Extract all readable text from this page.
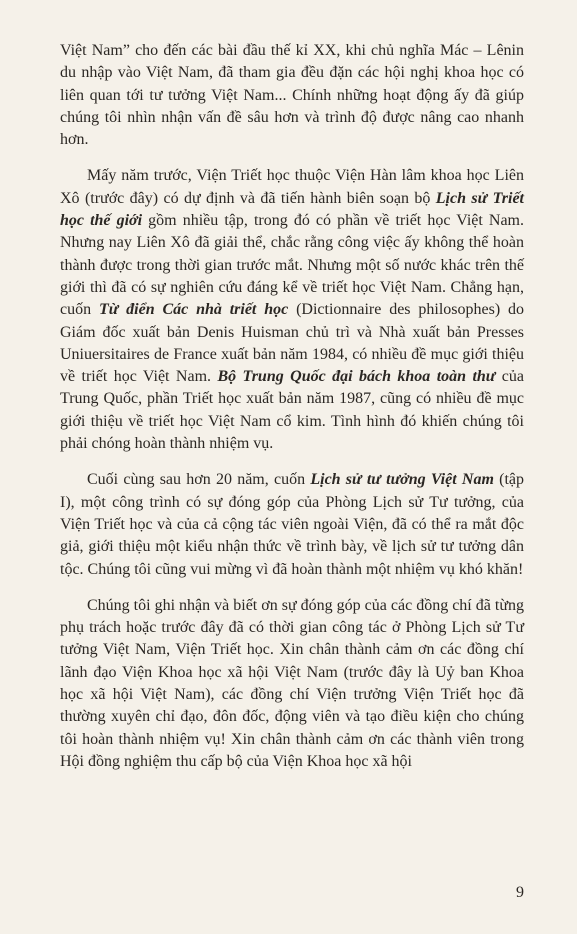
Việt Nam” cho đến các bài đầu thế kỉ XX, khi chủ nghĩa Mác – Lênin du nhập vào Việt Nam, đã tham gia đều đặn các hội nghị khoa học có liên quan tới tư tưởng Việt Nam... Chính những hoạt động ấy đã giúp chúng tôi nhìn nhận vấn đề sâu hơn và trình độ được nâng cao nhanh hơn.

Mấy năm trước, Viện Triết học thuộc Viện Hàn lâm khoa học Liên Xô (trước đây) có dự định và đã tiến hành biên soạn bộ Lịch sử Triết học thế giới gồm nhiều tập, trong đó có phần về triết học Việt Nam. Nhưng nay Liên Xô đã giải thể, chắc rằng công việc ấy không thể hoàn thành được trong thời gian trước mắt. Nhưng một số nước khác trên thế giới thì đã có sự nghiên cứu đáng kể về triết học Việt Nam. Chẳng hạn, cuốn Từ điển Các nhà triết học (Dictionnaire des philosophes) do Giám đốc xuất bản Denis Huisman chủ trì và Nhà xuất bản Presses Uniuersitaires de France xuất bản năm 1984, có nhiều đề mục giới thiệu về triết học Việt Nam. Bộ Trung Quốc đại bách khoa toàn thư của Trung Quốc, phần Triết học xuất bản năm 1987, cũng có nhiều đề mục giới thiệu về triết học Việt Nam cổ kim. Tình hình đó khiến chúng tôi phải chóng hoàn thành nhiệm vụ.

Cuối cùng sau hơn 20 năm, cuốn Lịch sử tư tưởng Việt Nam (tập I), một công trình có sự đóng góp của Phòng Lịch sử Tư tưởng, của Viện Triết học và của cả cộng tác viên ngoài Viện, đã có thể ra mắt độc giả, giới thiệu một kiểu nhận thức về trình bày, về lịch sử tư tưởng dân tộc. Chúng tôi cũng vui mừng vì đã hoàn thành một nhiệm vụ khó khăn!

Chúng tôi ghi nhận và biết ơn sự đóng góp của các đồng chí đã từng phụ trách hoặc trước đây đã có thời gian công tác ở Phòng Lịch sử Tư tưởng Việt Nam, Viện Triết học. Xin chân thành cảm ơn các đồng chí lãnh đạo Viện Khoa học xã hội Việt Nam (trước đây là Uỷ ban Khoa học xã hội Việt Nam), các đồng chí Viện trưởng Viện Triết học đã thường xuyên chỉ đạo, đôn đốc, động viên và tạo điều kiện cho chúng tôi hoàn thành nhiệm vụ! Xin chân thành cảm ơn các thành viên trong Hội đồng nghiệm thu cấp bộ của Viện Khoa học xã hội

9
